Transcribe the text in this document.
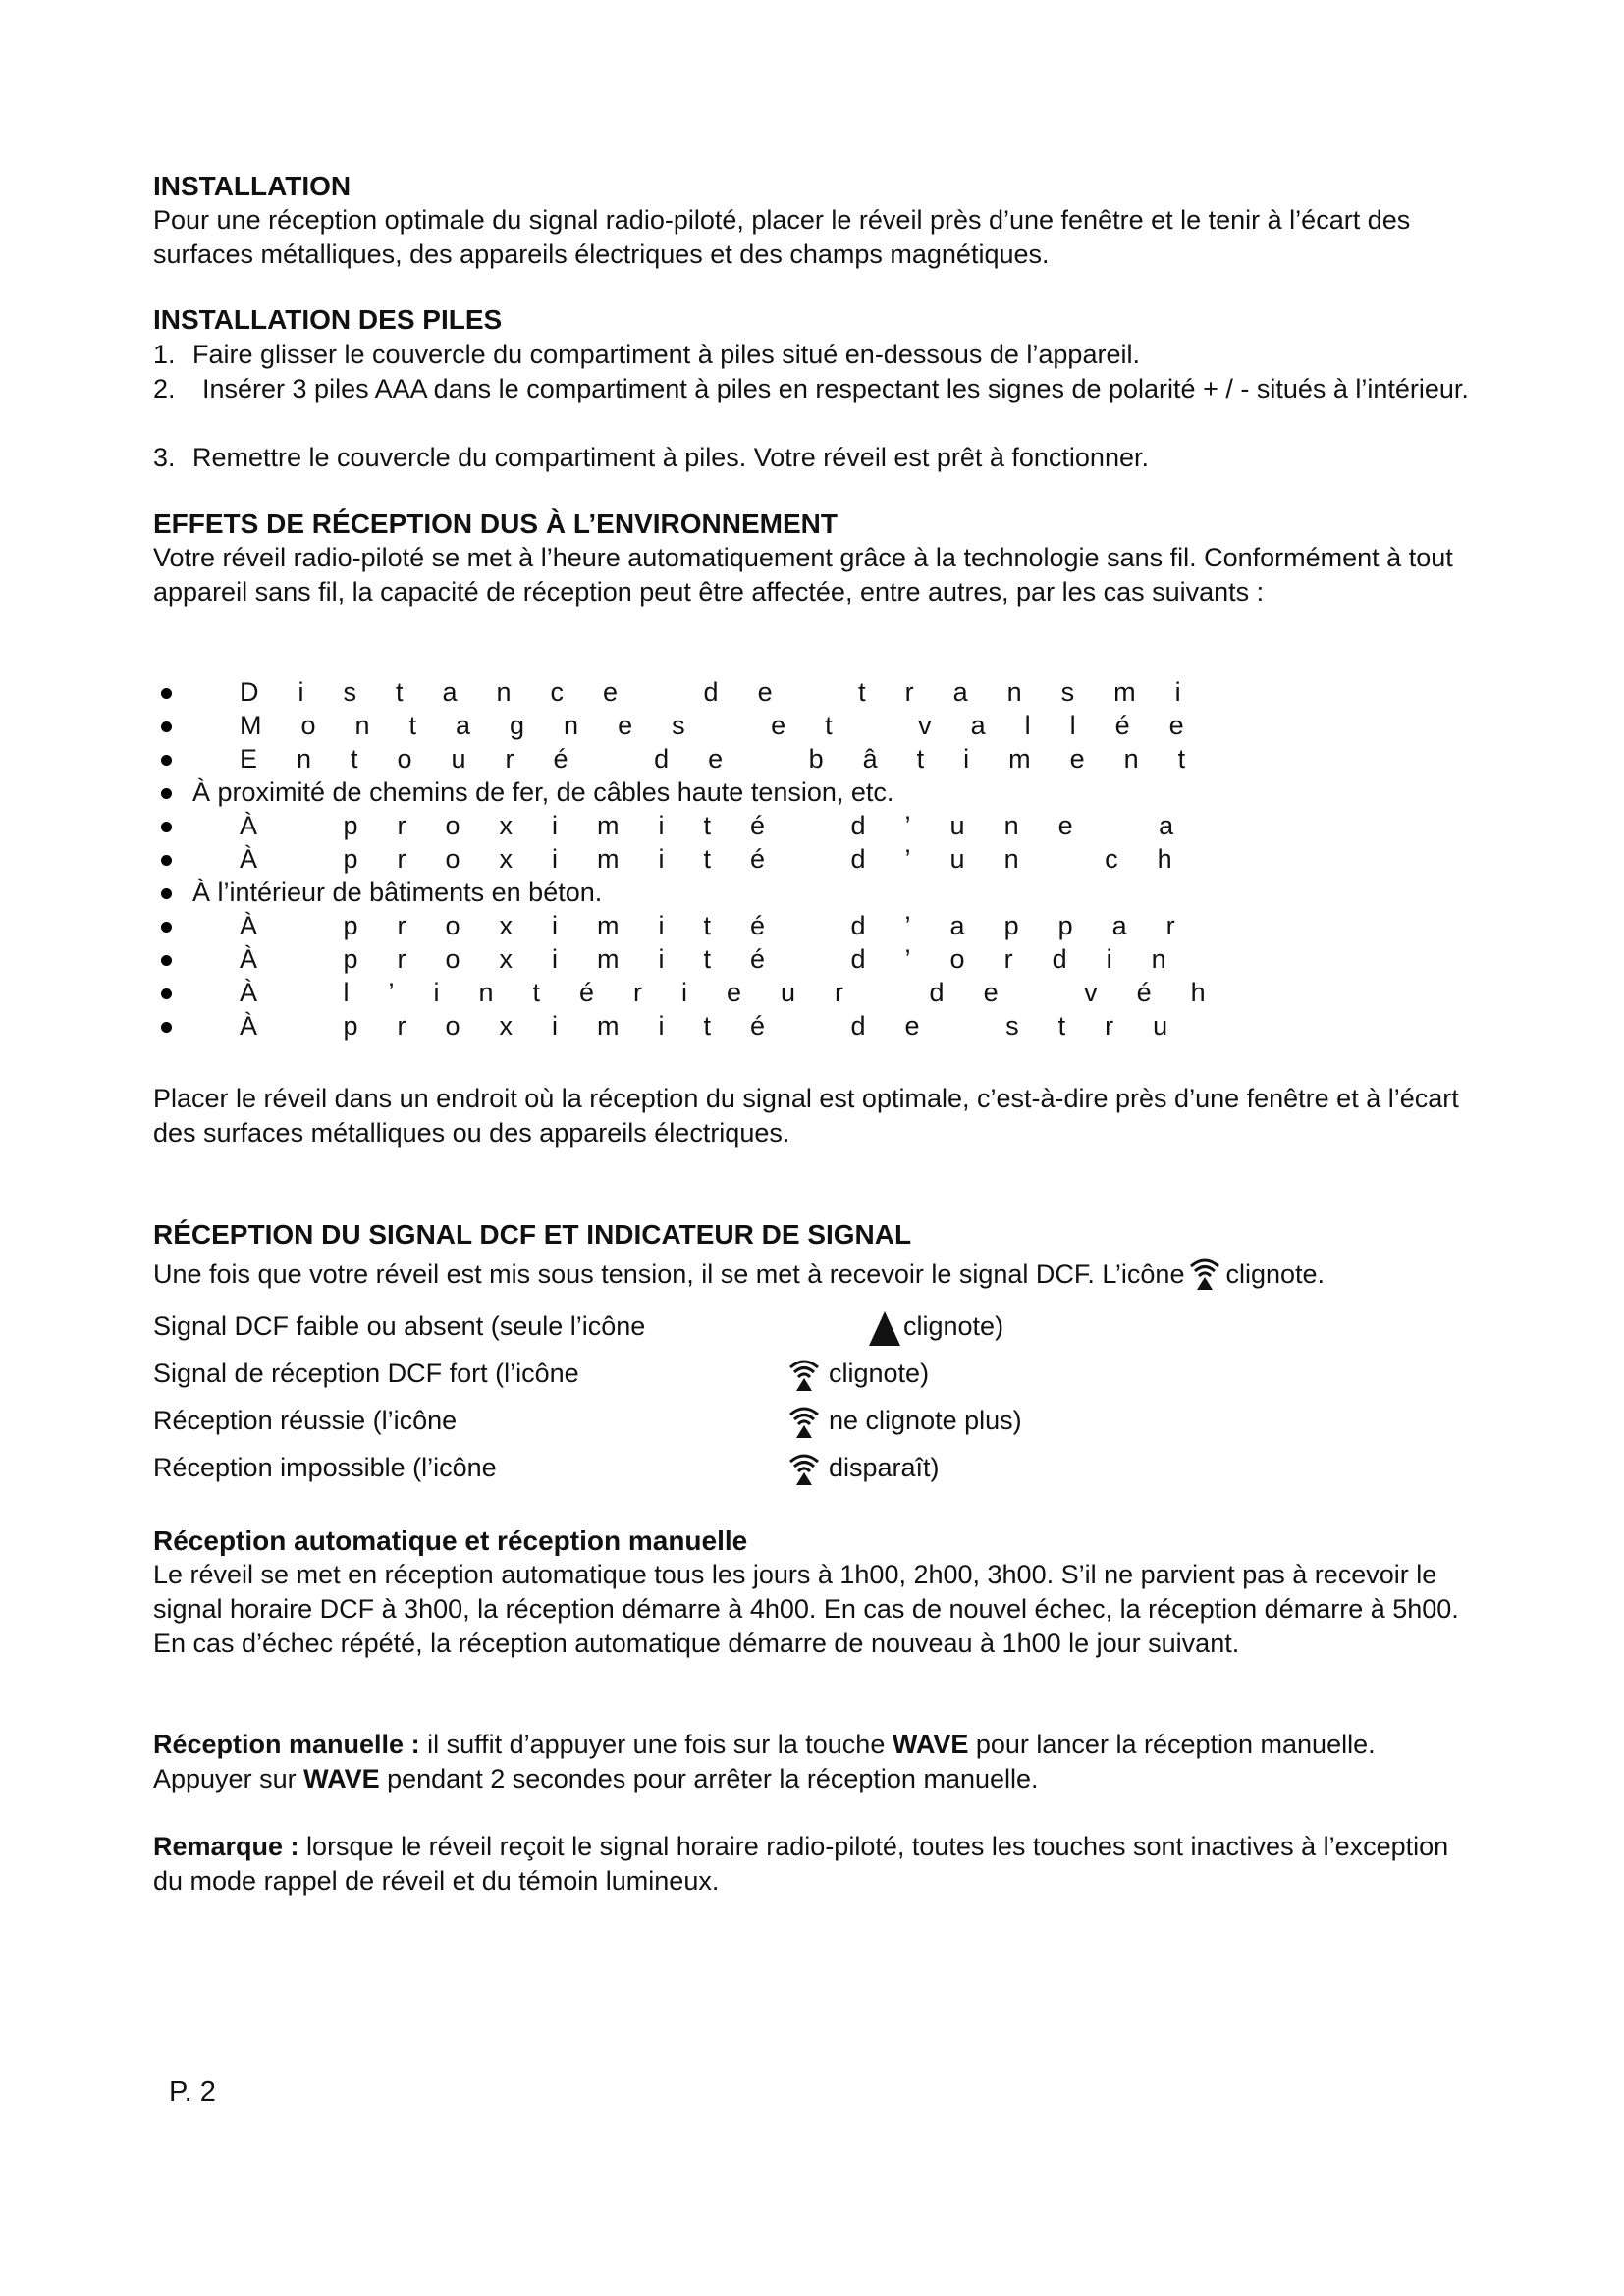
INSTALLATION

Pour une réception optimale du signal radio-piloté, placer le réveil près d’une fenêtre et le tenir à l’écart des surfaces métalliques, des appareils électriques et des champs magnétiques.

INSTALLATION DES PILES

1. Faire glisser le couvercle du compartiment à piles situé en-dessous de l’appareil.
2. Insérer 3 piles AAA dans le compartiment à piles en respectant les signes de polarité + / - situés à l’intérieur.
3. Remettre le couvercle du compartiment à piles. Votre réveil est prêt à fonctionner.

EFFETS DE RÉCEPTION DUS À L’ENVIRONNEMENT

Votre réveil radio-piloté se met à l’heure automatiquement grâce à la technologie sans fil. Conformément à tout appareil sans fil, la capacité de réception peut être affectée, entre autres, par les cas suivants :

Distance de transmi
Montagnes et vallée
Entouré de bâtiment
À proximité de chemins de fer, de câbles haute tension, etc.
À proximité d’une a
À proximité d’un ch
À l’intérieur de bâtiments en béton.
À proximité d’appar
À proximité d’ordin
À l’intérieur de véh
À proximité de stru

Placer le réveil dans un endroit où la réception du signal est optimale, c’est-à-dire près d’une fenêtre et à l’écart des surfaces métalliques ou des appareils électriques.

RÉCEPTION DU SIGNAL DCF ET INDICATEUR DE SIGNAL

Une fois que votre réveil est mis sous tension, il se met à recevoir le signal DCF. L’icône clignote.

Signal DCF faible ou absent (seule l’icône	clignote)
Signal de réception DCF fort (l’icône	clignote)
Réception réussie (l’icône	ne clignote plus)
Réception impossible (l’icône	disparaît)

Réception automatique et réception manuelle

Le réveil se met en réception automatique tous les jours à 1h00, 2h00, 3h00. S’il ne parvient pas à recevoir le signal horaire DCF à 3h00, la réception démarre à 4h00. En cas de nouvel échec, la réception démarre à 5h00. En cas d’échec répété, la réception automatique démarre de nouveau à 1h00 le jour suivant.

Réception manuelle : il suffit d’appuyer une fois sur la touche WAVE pour lancer la réception manuelle. Appuyer sur WAVE pendant 2 secondes pour arrêter la réception manuelle.

Remarque : lorsque le réveil reçoit le signal horaire radio-piloté, toutes les touches sont inactives à l’exception du mode rappel de réveil et du témoin lumineux.

P. 2
